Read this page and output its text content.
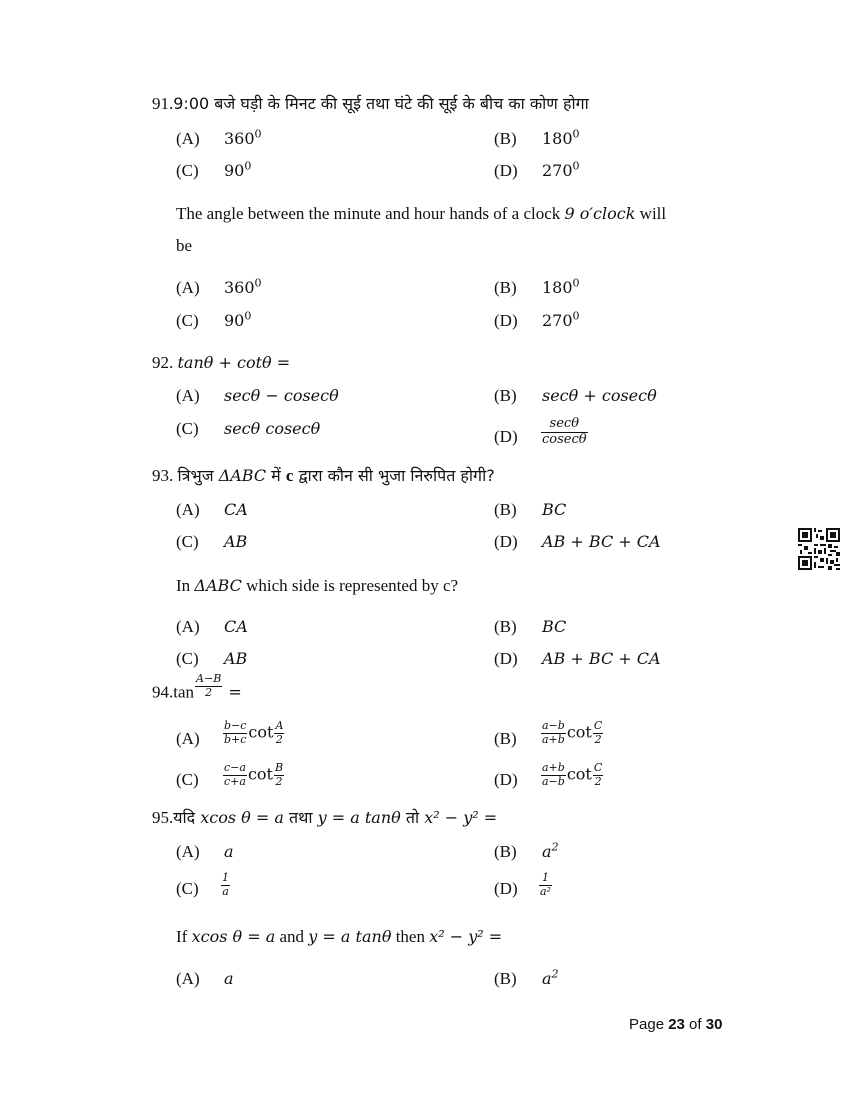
91.9:00 बजे घड़ी के मिनट की सूई तथा घंटे की सूई के बीच का कोण होगा
(A) $360^0$	(B) $180^0$
(C) $90^0$	(D) $270^0$
The angle between the minute and hour hands of a clock 9 o′clock will
be
(A) $360^0$	(B) $180^0$
(C) $90^0$	(D) $270^0$
92. tanθ + cotθ =
(A) secθ − cosecθ	(B) secθ + cosecθ
(C) secθ cosecθ	$(D) \frac{\sec\theta}{cosec\theta}$
93. त्रिभुज ΔABC में c द्वारा कौन सी भुजा निरुपित होगी?
(A) CA	(B) BC
(C) AB	(D) AB + BC + CA
In ΔABC which side is represented by c?
(A) CA	(B) BC
(C) AB	(D) AB + BC + CA
$94.\tan \frac{A-B}{2}$ =
$(A) \frac{b-c}{b+c}$ $\cot \frac{A}{2}$	$(B) \frac{a-b}{a+b}$ $\cot \frac{C}{2}$
$(C) \frac{c-a}{c+a}$ $\cot \frac{B}{2}$	$(D) \frac{a+b}{a-b}$ $\cot \frac{C}{2}$
95.यदि xcos θ = a तथा y = a tanθ तो x² − y² =
(A) a	(B) $a^2$
$(C) \frac{1}{a}$	$(D) \frac{1}{\text{a²}}$
If xcos θ = a and y = a tanθ then x² − y² =
(A) a	(B) $a^2$
Page 23 of 30
